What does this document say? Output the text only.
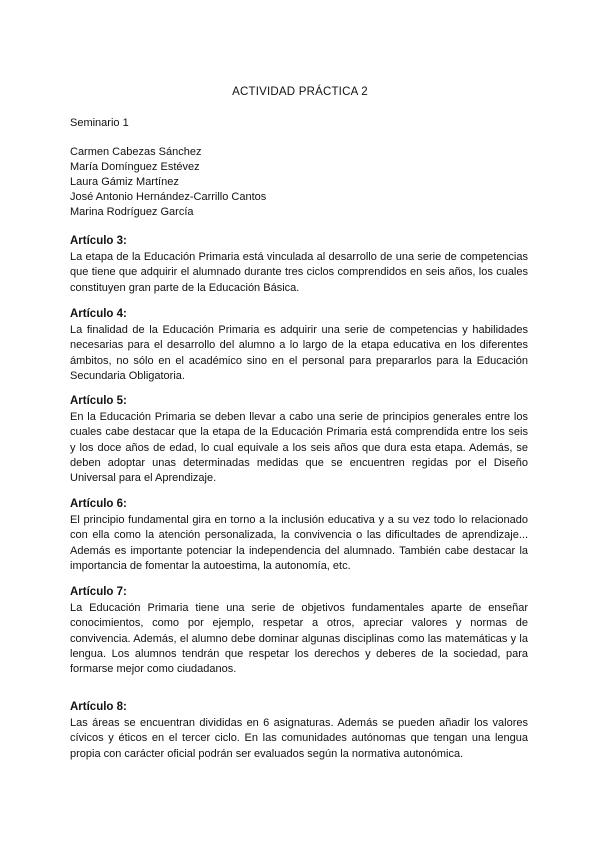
ACTIVIDAD PRÁCTICA 2
Seminario 1
Carmen Cabezas Sánchez
María Domínguez Estévez
Laura Gámiz Martínez
José Antonio Hernández-Carrillo Cantos
Marina Rodríguez García
Artículo 3:

La etapa de la Educación Primaria está vinculada al desarrollo de una serie de competencias que tiene que adquirir el alumnado durante tres ciclos comprendidos en seis años, los cuales constituyen gran parte de la Educación Básica.

Artículo 4:

La finalidad de la Educación Primaria es adquirir una serie de competencias y habilidades necesarias para el desarrollo del alumno a lo largo de la etapa educativa en los diferentes ámbitos, no sólo en el académico sino en el personal para prepararlos para la Educación Secundaria Obligatoria.

Artículo 5:

En la Educación Primaria se deben llevar a cabo una serie de principios generales entre los cuales cabe destacar que la etapa de la Educación Primaria está comprendida entre los seis y los doce años de edad, lo cual equivale a los seis años que dura esta etapa. Además, se deben adoptar unas determinadas medidas que se encuentren regidas por el Diseño Universal para el Aprendizaje.

Artículo 6:

El principio fundamental gira en torno a la inclusión educativa y a su vez todo lo relacionado con ella como la atención personalizada, la convivencia o las dificultades de aprendizaje... Además es importante potenciar la independencia del alumnado. También cabe destacar la importancia de fomentar la autoestima, la autonomía, etc.

Artículo 7:

La Educación Primaria tiene una serie de objetivos fundamentales aparte de enseñar conocimientos, como por ejemplo, respetar a otros, apreciar valores y normas de convivencia. Además, el alumno debe dominar algunas disciplinas como las matemáticas y la lengua. Los alumnos tendrán que respetar los derechos y deberes de la sociedad, para formarse mejor como ciudadanos.

Artículo 8:

Las áreas se encuentran divididas en 6 asignaturas. Además se pueden añadir los valores cívicos y éticos en el tercer ciclo. En las comunidades autónomas que tengan una lengua propia con carácter oficial podrán ser evaluados según la normativa autonómica.
